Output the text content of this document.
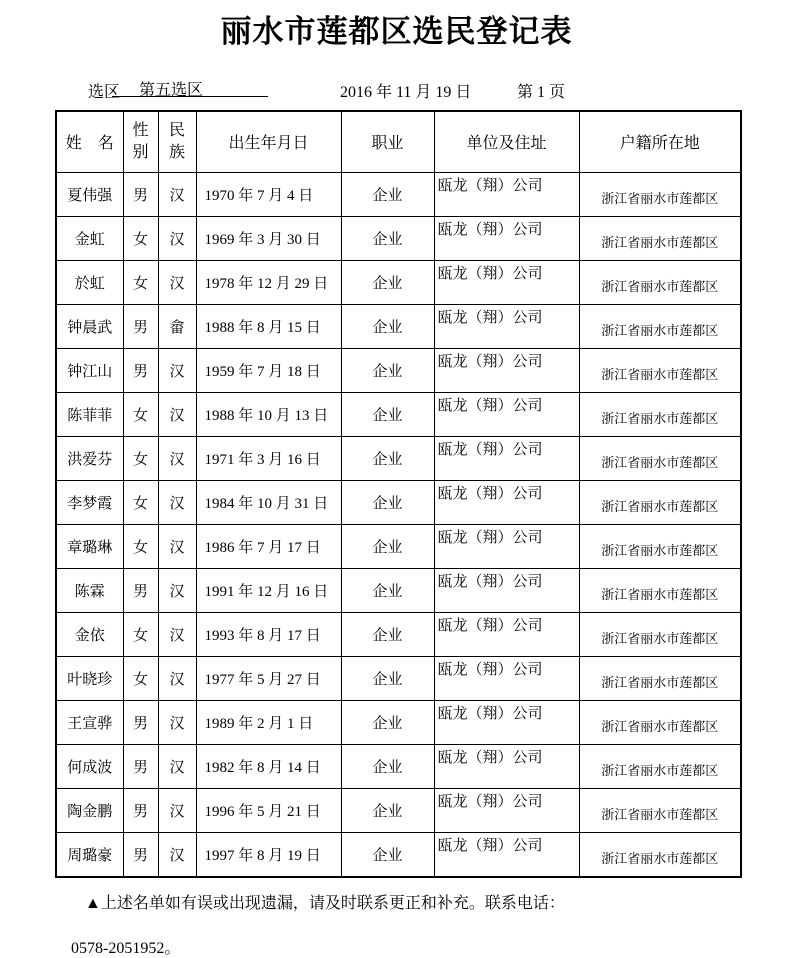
丽水市莲都区选民登记表
选区	第五选区	2016 年 11 月 19 日	第 1 页
姓　名	性别	民族	出生年月日	职业	单位及住址	户籍所在地
夏伟强	男	汉	1970 年 7 月 4 日	企业	瓯龙（翔）公司	浙江省丽水市莲都区
金虹	女	汉	1969 年 3 月 30 日	企业	瓯龙（翔）公司	浙江省丽水市莲都区
於虹	女	汉	1978 年 12 月 29 日	企业	瓯龙（翔）公司	浙江省丽水市莲都区
钟晨武	男	畲	1988 年 8 月 15 日	企业	瓯龙（翔）公司	浙江省丽水市莲都区
钟江山	男	汉	1959 年 7 月 18 日	企业	瓯龙（翔）公司	浙江省丽水市莲都区
陈菲菲	女	汉	1988 年 10 月 13 日	企业	瓯龙（翔）公司	浙江省丽水市莲都区
洪爱芬	女	汉	1971 年 3 月 16 日	企业	瓯龙（翔）公司	浙江省丽水市莲都区
李梦霞	女	汉	1984 年 10 月 31 日	企业	瓯龙（翔）公司	浙江省丽水市莲都区
章璐琳	女	汉	1986 年 7 月 17 日	企业	瓯龙（翔）公司	浙江省丽水市莲都区
陈霖	男	汉	1991 年 12 月 16 日	企业	瓯龙（翔）公司	浙江省丽水市莲都区
金依	女	汉	1993 年 8 月 17 日	企业	瓯龙（翔）公司	浙江省丽水市莲都区
叶晓珍	女	汉	1977 年 5 月 27 日	企业	瓯龙（翔）公司	浙江省丽水市莲都区
王宣骅	男	汉	1989 年 2 月 1 日	企业	瓯龙（翔）公司	浙江省丽水市莲都区
何成波	男	汉	1982 年 8 月 14 日	企业	瓯龙（翔）公司	浙江省丽水市莲都区
陶金鹏	男	汉	1996 年 5 月 21 日	企业	瓯龙（翔）公司	浙江省丽水市莲都区
周璐豪	男	汉	1997 年 8 月 19 日	企业	瓯龙（翔）公司	浙江省丽水市莲都区

▲上述名单如有误或出现遗漏，请及时联系更正和补充。联系电话：

0578-2051952。
